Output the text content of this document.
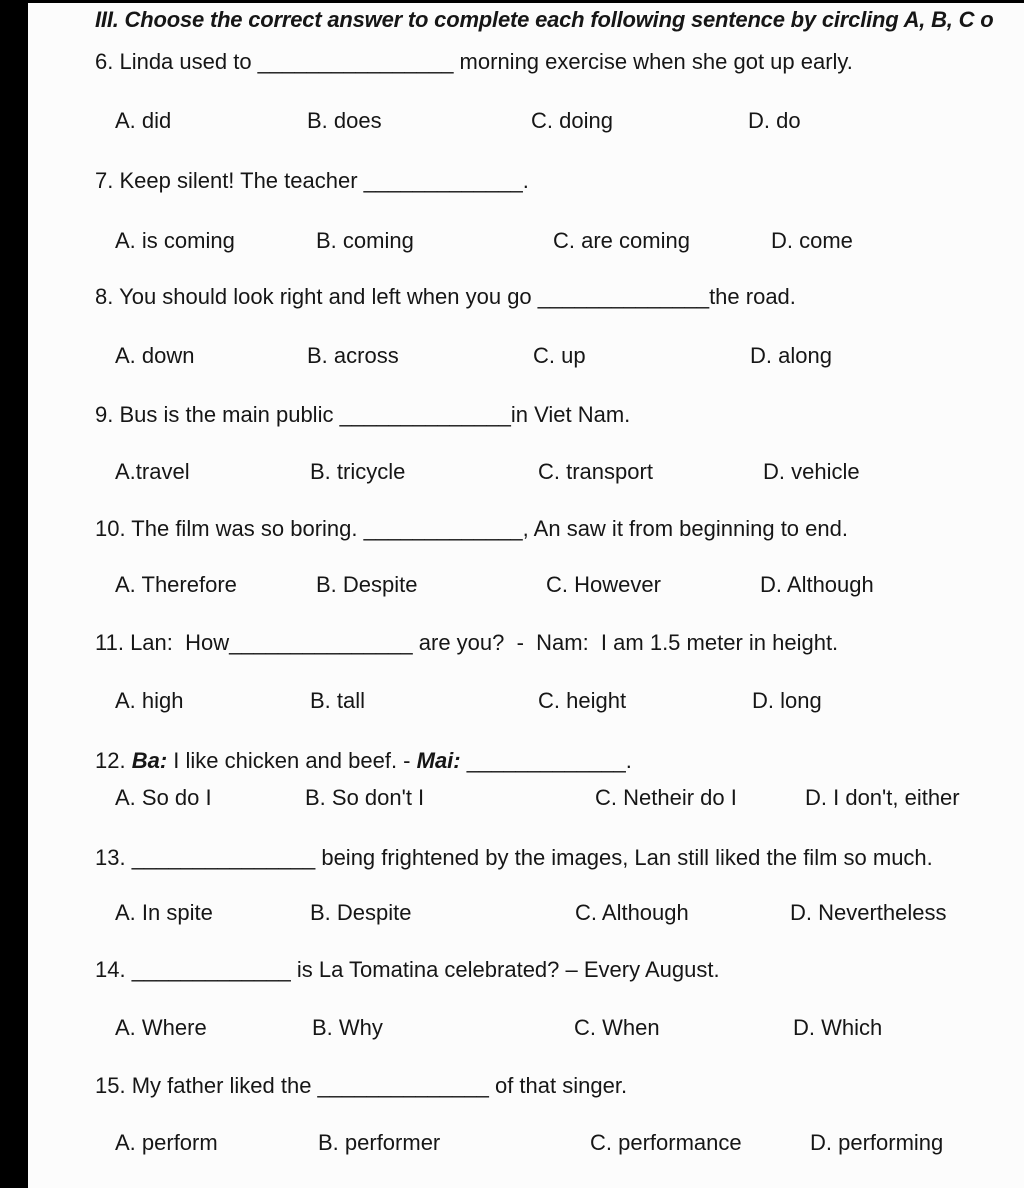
III. Choose the correct answer to complete each following sentence by circling A, B, C o
6. Linda used to ________________ morning exercise when she got up early.
A. did	B. does	C. doing	D. do
7. Keep silent! The teacher _____________.
A. is coming	B. coming	C. are coming	D. come
8. You should look right and left when you go ______________the road.
A. down	B. across	C. up	D. along
9. Bus is the main public ______________in Viet Nam.
A.travel	B. tricycle	C. transport	D. vehicle
10. The film was so boring. _____________, An saw it from beginning to end.
A. Therefore	B. Despite	C. However	D. Although
11. Lan:  How_______________ are you?  -  Nam:  I am 1.5 meter in height.
A. high	B. tall	C. height	D. long
12. Ba: I like chicken and beef. - Mai: _____________.
A. So do I	B. So don't I	C. Netheir do I	D. I don't, either
13. _______________ being frightened by the images, Lan still liked the film so much.
A. In spite	B. Despite	C. Although	D. Nevertheless
14. _____________ is La Tomatina celebrated? – Every August.
A. Where	B. Why	C. When	D. Which
15. My father liked the ______________ of that singer.
A. perform	B. performer	C. performance	D. performing
